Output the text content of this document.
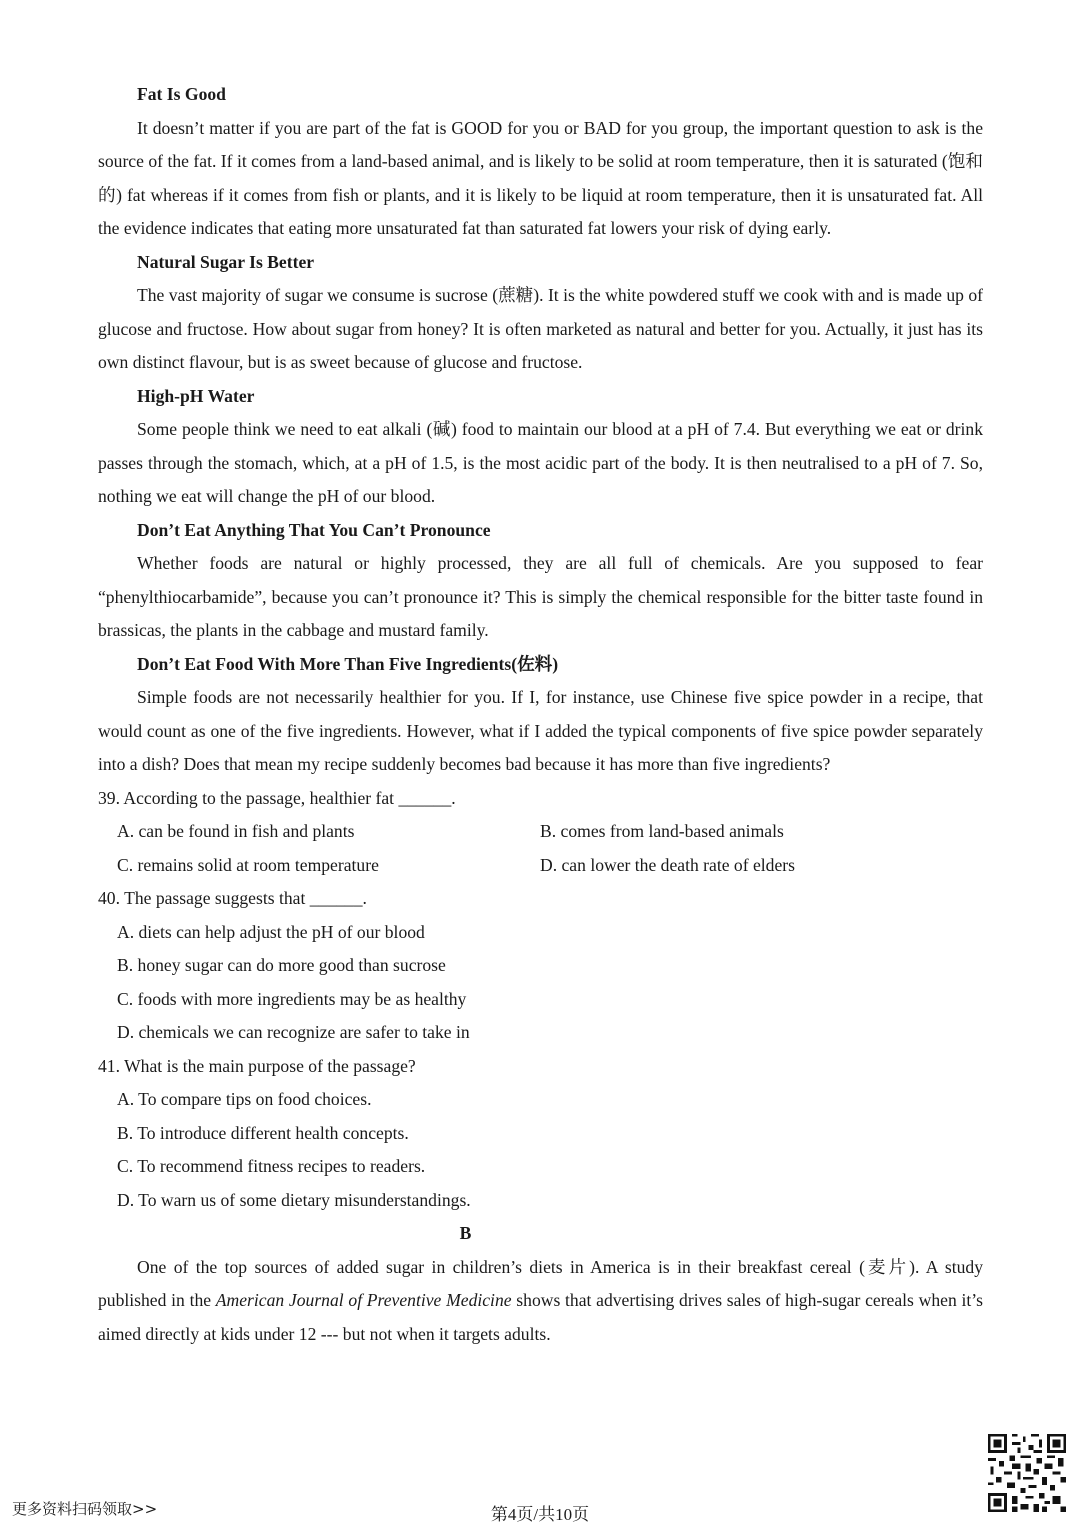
Fat Is Good

It doesn’t matter if you are part of the fat is GOOD for you or BAD for you group, the important question to ask is the source of the fat. If it comes from a land-based animal, and is likely to be solid at room temperature, then it is saturated (饱和的) fat whereas if it comes from fish or plants, and it is likely to be liquid at room temperature, then it is unsaturated fat. All the evidence indicates that eating more unsaturated fat than saturated fat lowers your risk of dying early.

Natural Sugar Is Better

The vast majority of sugar we consume is sucrose (蔗糖). It is the white powdered stuff we cook with and is made up of glucose and fructose. How about sugar from honey? It is often marketed as natural and better for you. Actually, it just has its own distinct flavour, but is as sweet because of glucose and fructose.

High-pH Water

Some people think we need to eat alkali (碱) food to maintain our blood at a pH of 7.4. But everything we eat or drink passes through the stomach, which, at a pH of 1.5, is the most acidic part of the body. It is then neutralised to a pH of 7. So, nothing we eat will change the pH of our blood.

Don’t Eat Anything That You Can’t Pronounce

Whether foods are natural or highly processed, they are all full of chemicals. Are you supposed to fear “phenylthiocarbamide”, because you can’t pronounce it? This is simply the chemical responsible for the bitter taste found in brassicas, the plants in the cabbage and mustard family.

Don’t Eat Food With More Than Five Ingredients(佐料)

Simple foods are not necessarily healthier for you. If I, for instance, use Chinese five spice powder in a recipe, that would count as one of the five ingredients. However, what if I added the typical components of five spice powder separately into a dish? Does that mean my recipe suddenly becomes bad because it has more than five ingredients?

39. According to the passage, healthier fat ______.

A. can be found in fish and plants	B. comes from land-based animals
C. remains solid at room temperature	D. can lower the death rate of elders

40. The passage suggests that ______.

A. diets can help adjust the pH of our blood

B. honey sugar can do more good than sucrose

C. foods with more ingredients may be as healthy

D. chemicals we can recognize are safer to take in

41. What is the main purpose of the passage?

A. To compare tips on food choices.

B. To introduce different health concepts.

C. To recommend fitness recipes to readers.

D. To warn us of some dietary misunderstandings.

B

One of the top sources of added sugar in children’s diets in America is in their breakfast cereal (麦片). A study published in the American Journal of Preventive Medicine shows that advertising drives sales of high-sugar cereals when it’s aimed directly at kids under 12 --- but not when it targets adults.

更多资料扫码领取>>	第4页/共10页
